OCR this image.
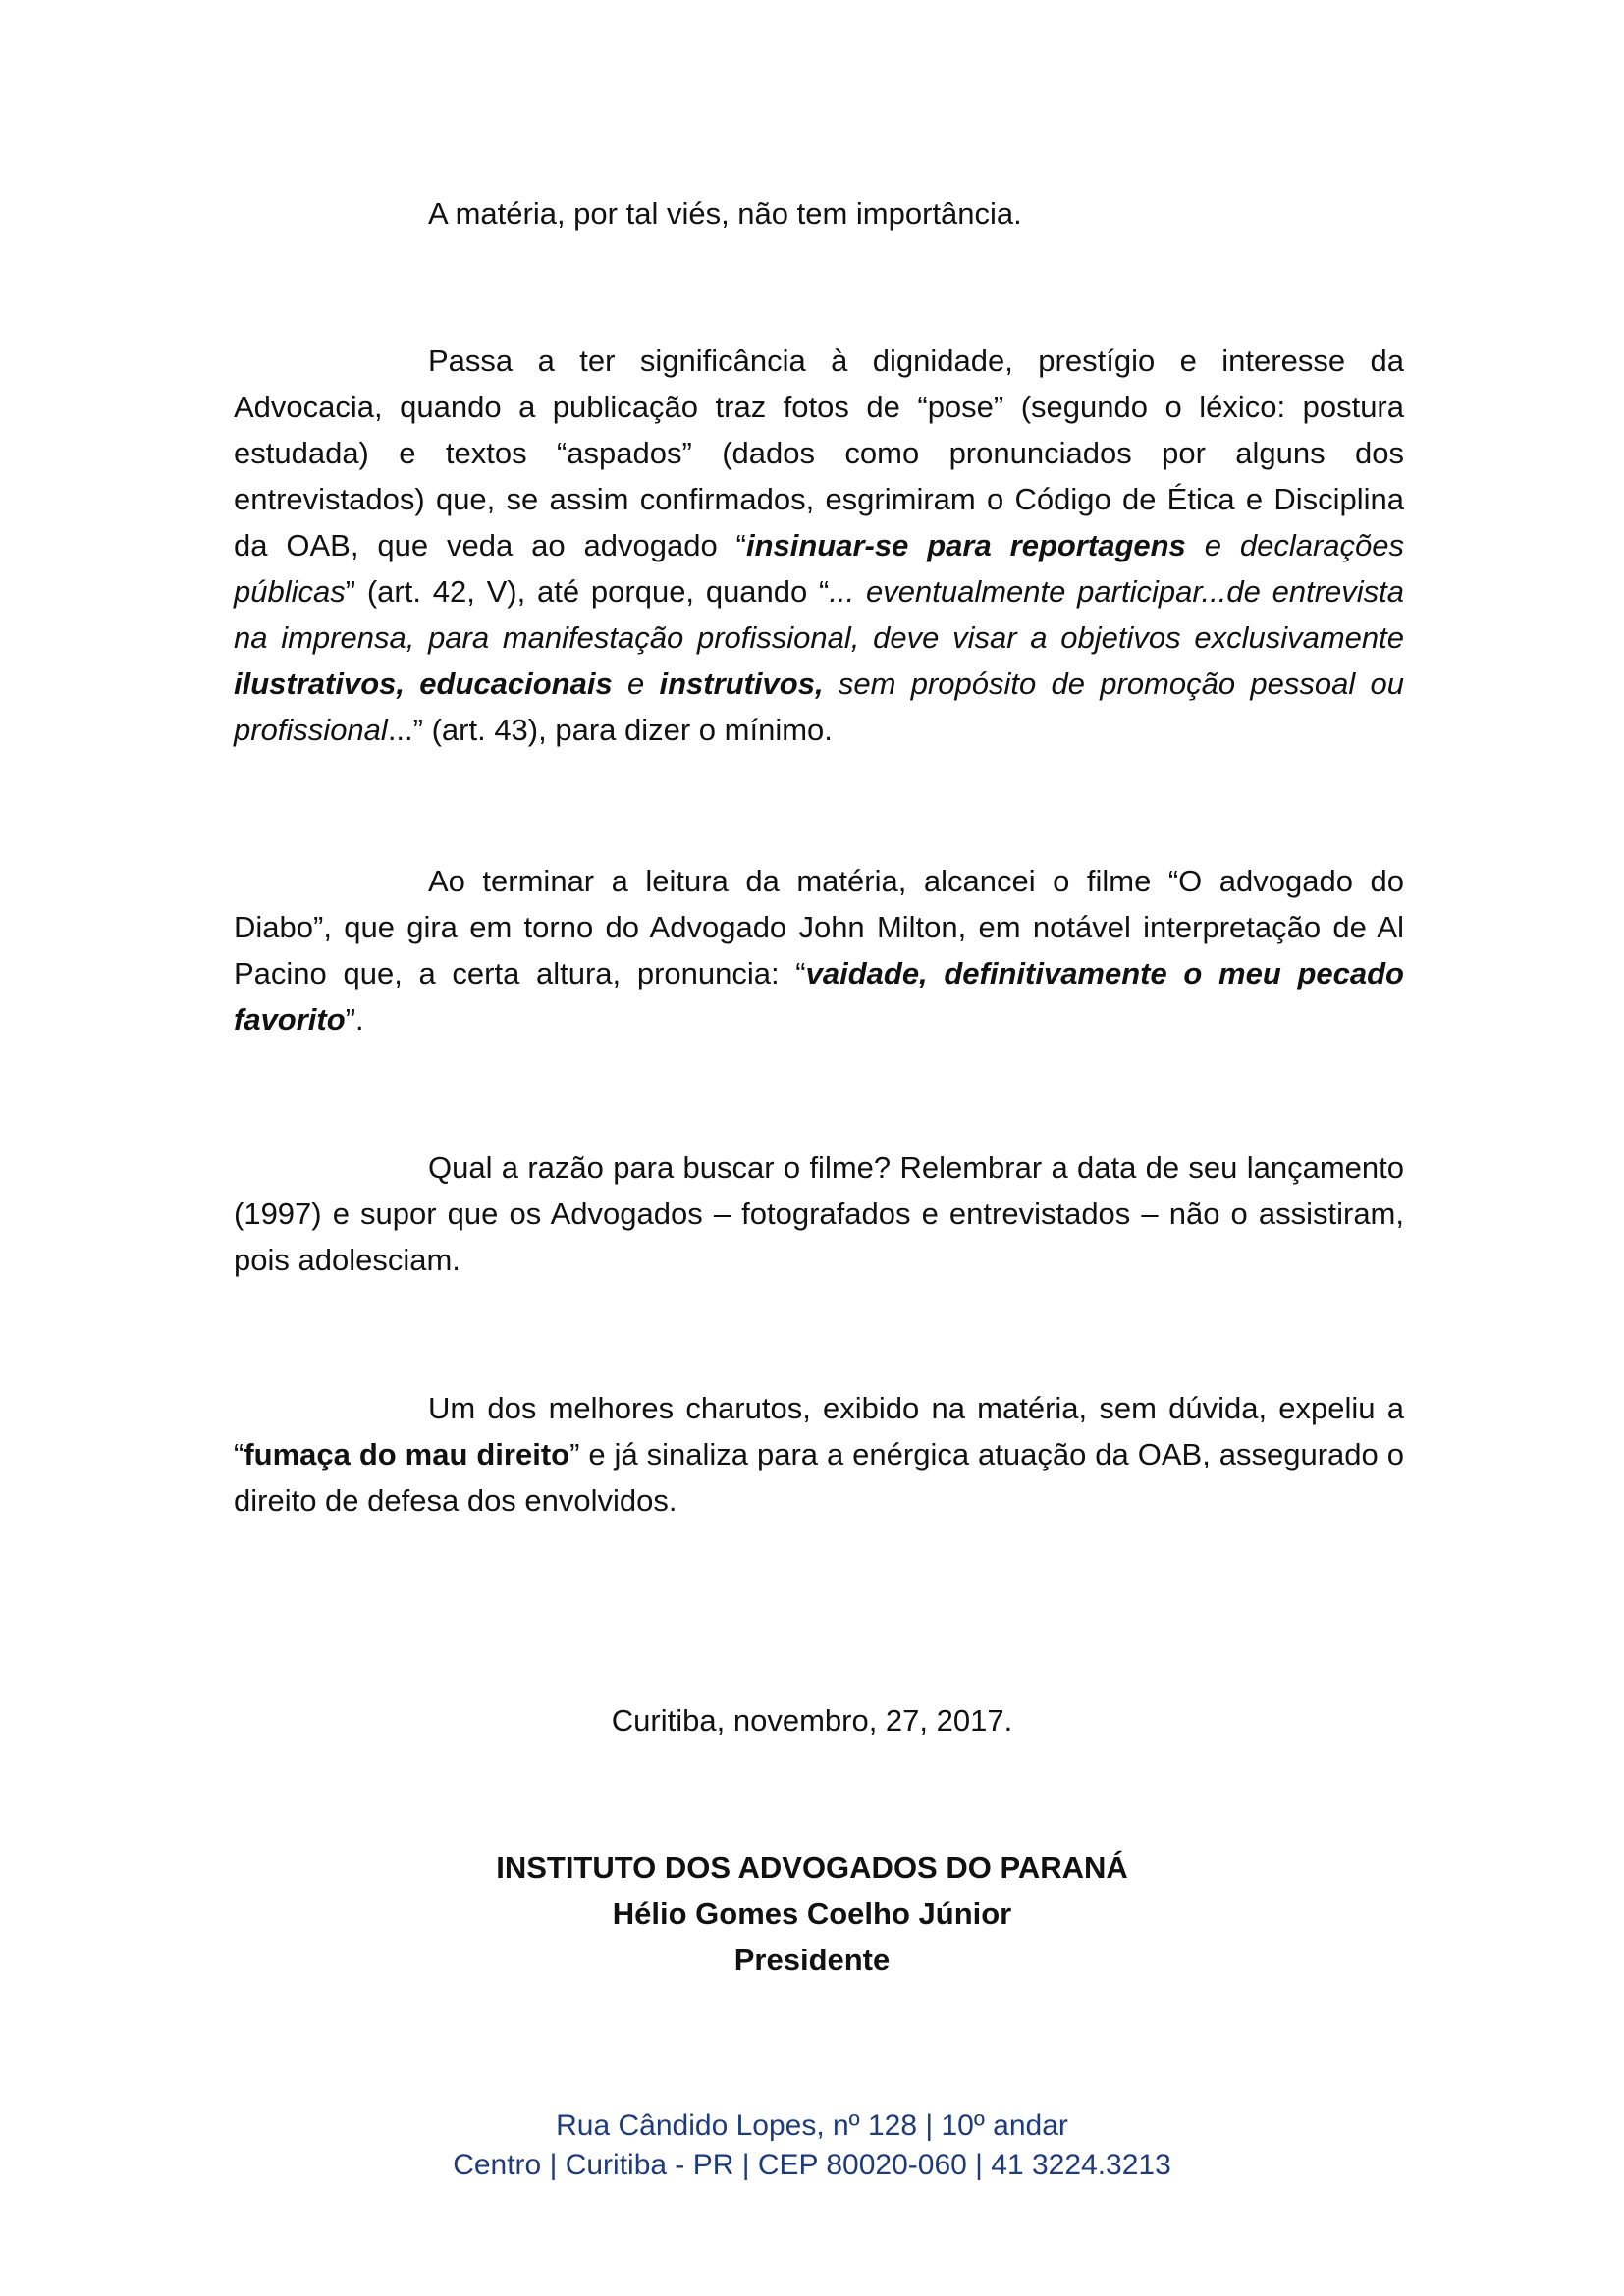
A matéria, por tal viés, não tem importância.
Passa a ter significância à dignidade, prestígio e interesse da Advocacia, quando a publicação traz fotos de “pose” (segundo o léxico: postura estudada) e textos “aspados” (dados como pronunciados por alguns dos entrevistados) que, se assim confirmados, esgrimiram o Código de Ética e Disciplina da OAB, que veda ao advogado “insinuar-se para reportagens e declarações públicas” (art. 42, V), até porque, quando “... eventualmente participar...de entrevista na imprensa, para manifestação profissional, deve visar a objetivos exclusivamente ilustrativos, educacionais e instrutivos, sem propósito de promoção pessoal ou profissional...” (art. 43), para dizer o mínimo.
Ao terminar a leitura da matéria, alcancei o filme “O advogado do Diabo”, que gira em torno do Advogado John Milton, em notável interpretação de Al Pacino que, a certa altura, pronuncia: “vaidade, definitivamente o meu pecado favorito”.
Qual a razão para buscar o filme? Relembrar a data de seu lançamento (1997) e supor que os Advogados – fotografados e entrevistados – não o assistiram, pois adolesciam.
Um dos melhores charutos, exibido na matéria, sem dúvida, expeliu a “fumaça do mau direito” e já sinaliza para a enérgica atuação da OAB, assegurado o direito de defesa dos envolvidos.
Curitiba, novembro, 27, 2017.
INSTITUTO DOS ADVOGADOS DO PARANÁ
Hélio Gomes Coelho Júnior
Presidente
Rua Cândido Lopes, nº 128 | 10º andar
Centro | Curitiba - PR | CEP 80020-060 | 41 3224.3213
